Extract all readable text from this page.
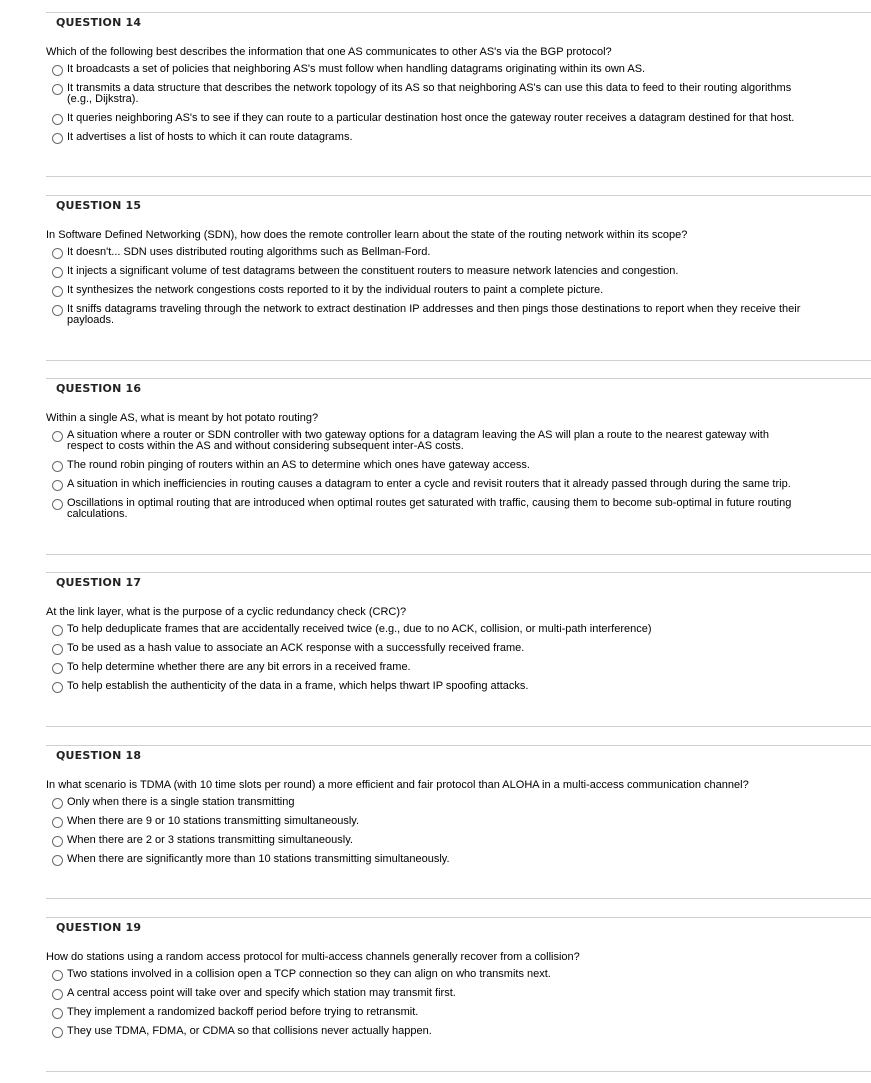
QUESTION 14
Which of the following best describes the information that one AS communicates to other AS's via the BGP protocol?
It broadcasts a set of policies that neighboring AS's must follow when handling datagrams originating within its own AS.
It transmits a data structure that describes the network topology of its AS so that neighboring AS's can use this data to feed to their routing algorithms (e.g., Dijkstra).
It queries neighboring AS's to see if they can route to a particular destination host once the gateway router receives a datagram destined for that host.
It advertises a list of hosts to which it can route datagrams.
QUESTION 15
In Software Defined Networking (SDN), how does the remote controller learn about the state of the routing network within its scope?
It doesn't... SDN uses distributed routing algorithms such as Bellman-Ford.
It injects a significant volume of test datagrams between the constituent routers to measure network latencies and congestion.
It synthesizes the network congestions costs reported to it by the individual routers to paint a complete picture.
It sniffs datagrams traveling through the network to extract destination IP addresses and then pings those destinations to report when they receive their payloads.
QUESTION 16
Within a single AS, what is meant by hot potato routing?
A situation where a router or SDN controller with two gateway options for a datagram leaving the AS will plan a route to the nearest gateway with respect to costs within the AS and without considering subsequent inter-AS costs.
The round robin pinging of routers within an AS to determine which ones have gateway access.
A situation in which inefficiencies in routing causes a datagram to enter a cycle and revisit routers that it already passed through during the same trip.
Oscillations in optimal routing that are introduced when optimal routes get saturated with traffic, causing them to become sub-optimal in future routing calculations.
QUESTION 17
At the link layer, what is the purpose of a cyclic redundancy check (CRC)?
To help deduplicate frames that are accidentally received twice (e.g., due to no ACK, collision, or multi-path interference)
To be used as a hash value to associate an ACK response with a successfully received frame.
To help determine whether there are any bit errors in a received frame.
To help establish the authenticity of the data in a frame, which helps thwart IP spoofing attacks.
QUESTION 18
In what scenario is TDMA (with 10 time slots per round) a more efficient and fair protocol than ALOHA in a multi-access communication channel?
Only when there is a single station transmitting
When there are 9 or 10 stations transmitting simultaneously.
When there are 2 or 3 stations transmitting simultaneously.
When there are significantly more than 10 stations transmitting simultaneously.
QUESTION 19
How do stations using a random access protocol for multi-access channels generally recover from a collision?
Two stations involved in a collision open a TCP connection so they can align on who transmits next.
A central access point will take over and specify which station may transmit first.
They implement a randomized backoff period before trying to retransmit.
They use TDMA, FDMA, or CDMA so that collisions never actually happen.
